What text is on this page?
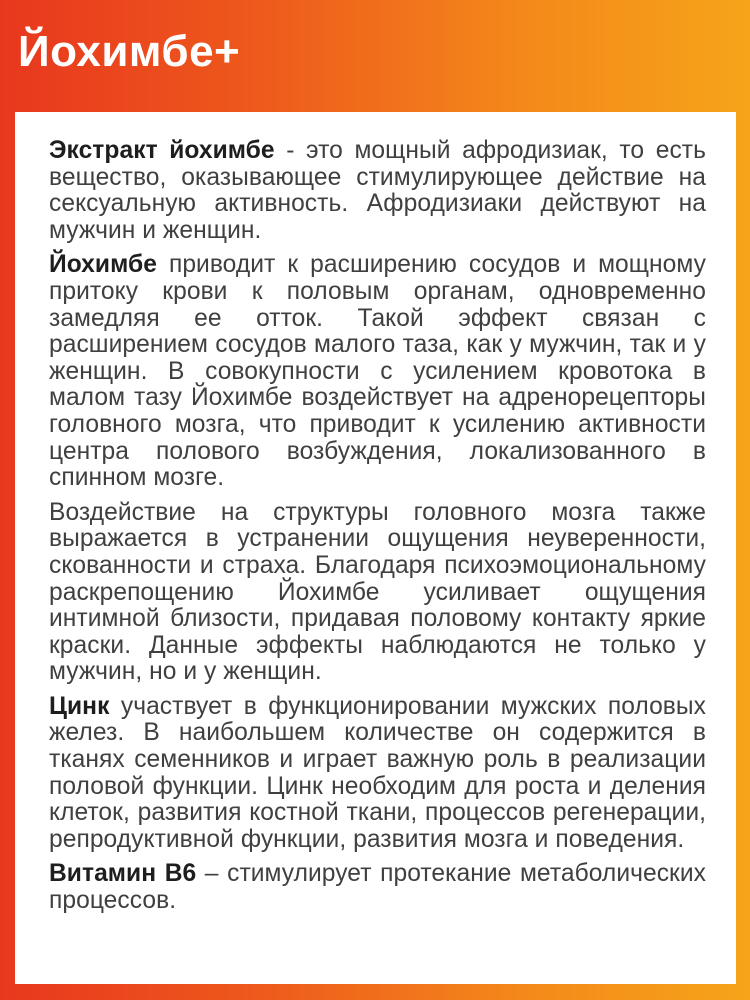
Йохимбе+

Экстракт йохимбе - это мощный афродизиак, то есть вещество, оказывающее стимулирующее действие на сексуальную активность. Афродизиаки действуют на мужчин и женщин.

Йохимбе приводит к расширению сосудов и мощному притоку крови к половым органам, одновременно замедляя ее отток. Такой эффект связан с расширением сосудов малого таза, как у мужчин, так и у женщин. В совокупности с усилением кровотока в малом тазу Йохимбе воздействует на адренорецепторы головного мозга, что приводит к усилению активности центра полового возбуждения, локализованного в спинном мозге.

Воздействие на структуры головного мозга также выражается в устранении ощущения неуверенности, скованности и страха. Благодаря психоэмоциональному раскрепощению Йохимбе усиливает ощущения интимной близости, придавая половому контакту яркие краски. Данные эффекты наблюдаются не только у мужчин, но и у женщин.

Цинк участвует в функционировании мужских половых желез. В наибольшем количестве он содержится в тканях семенников и играет важную роль в реализации половой функции. Цинк необходим для роста и деления клеток, развития костной ткани, процессов регенерации, репродуктивной функции, развития мозга и поведения.

Витамин B6 – стимулирует протекание метаболических процессов.
